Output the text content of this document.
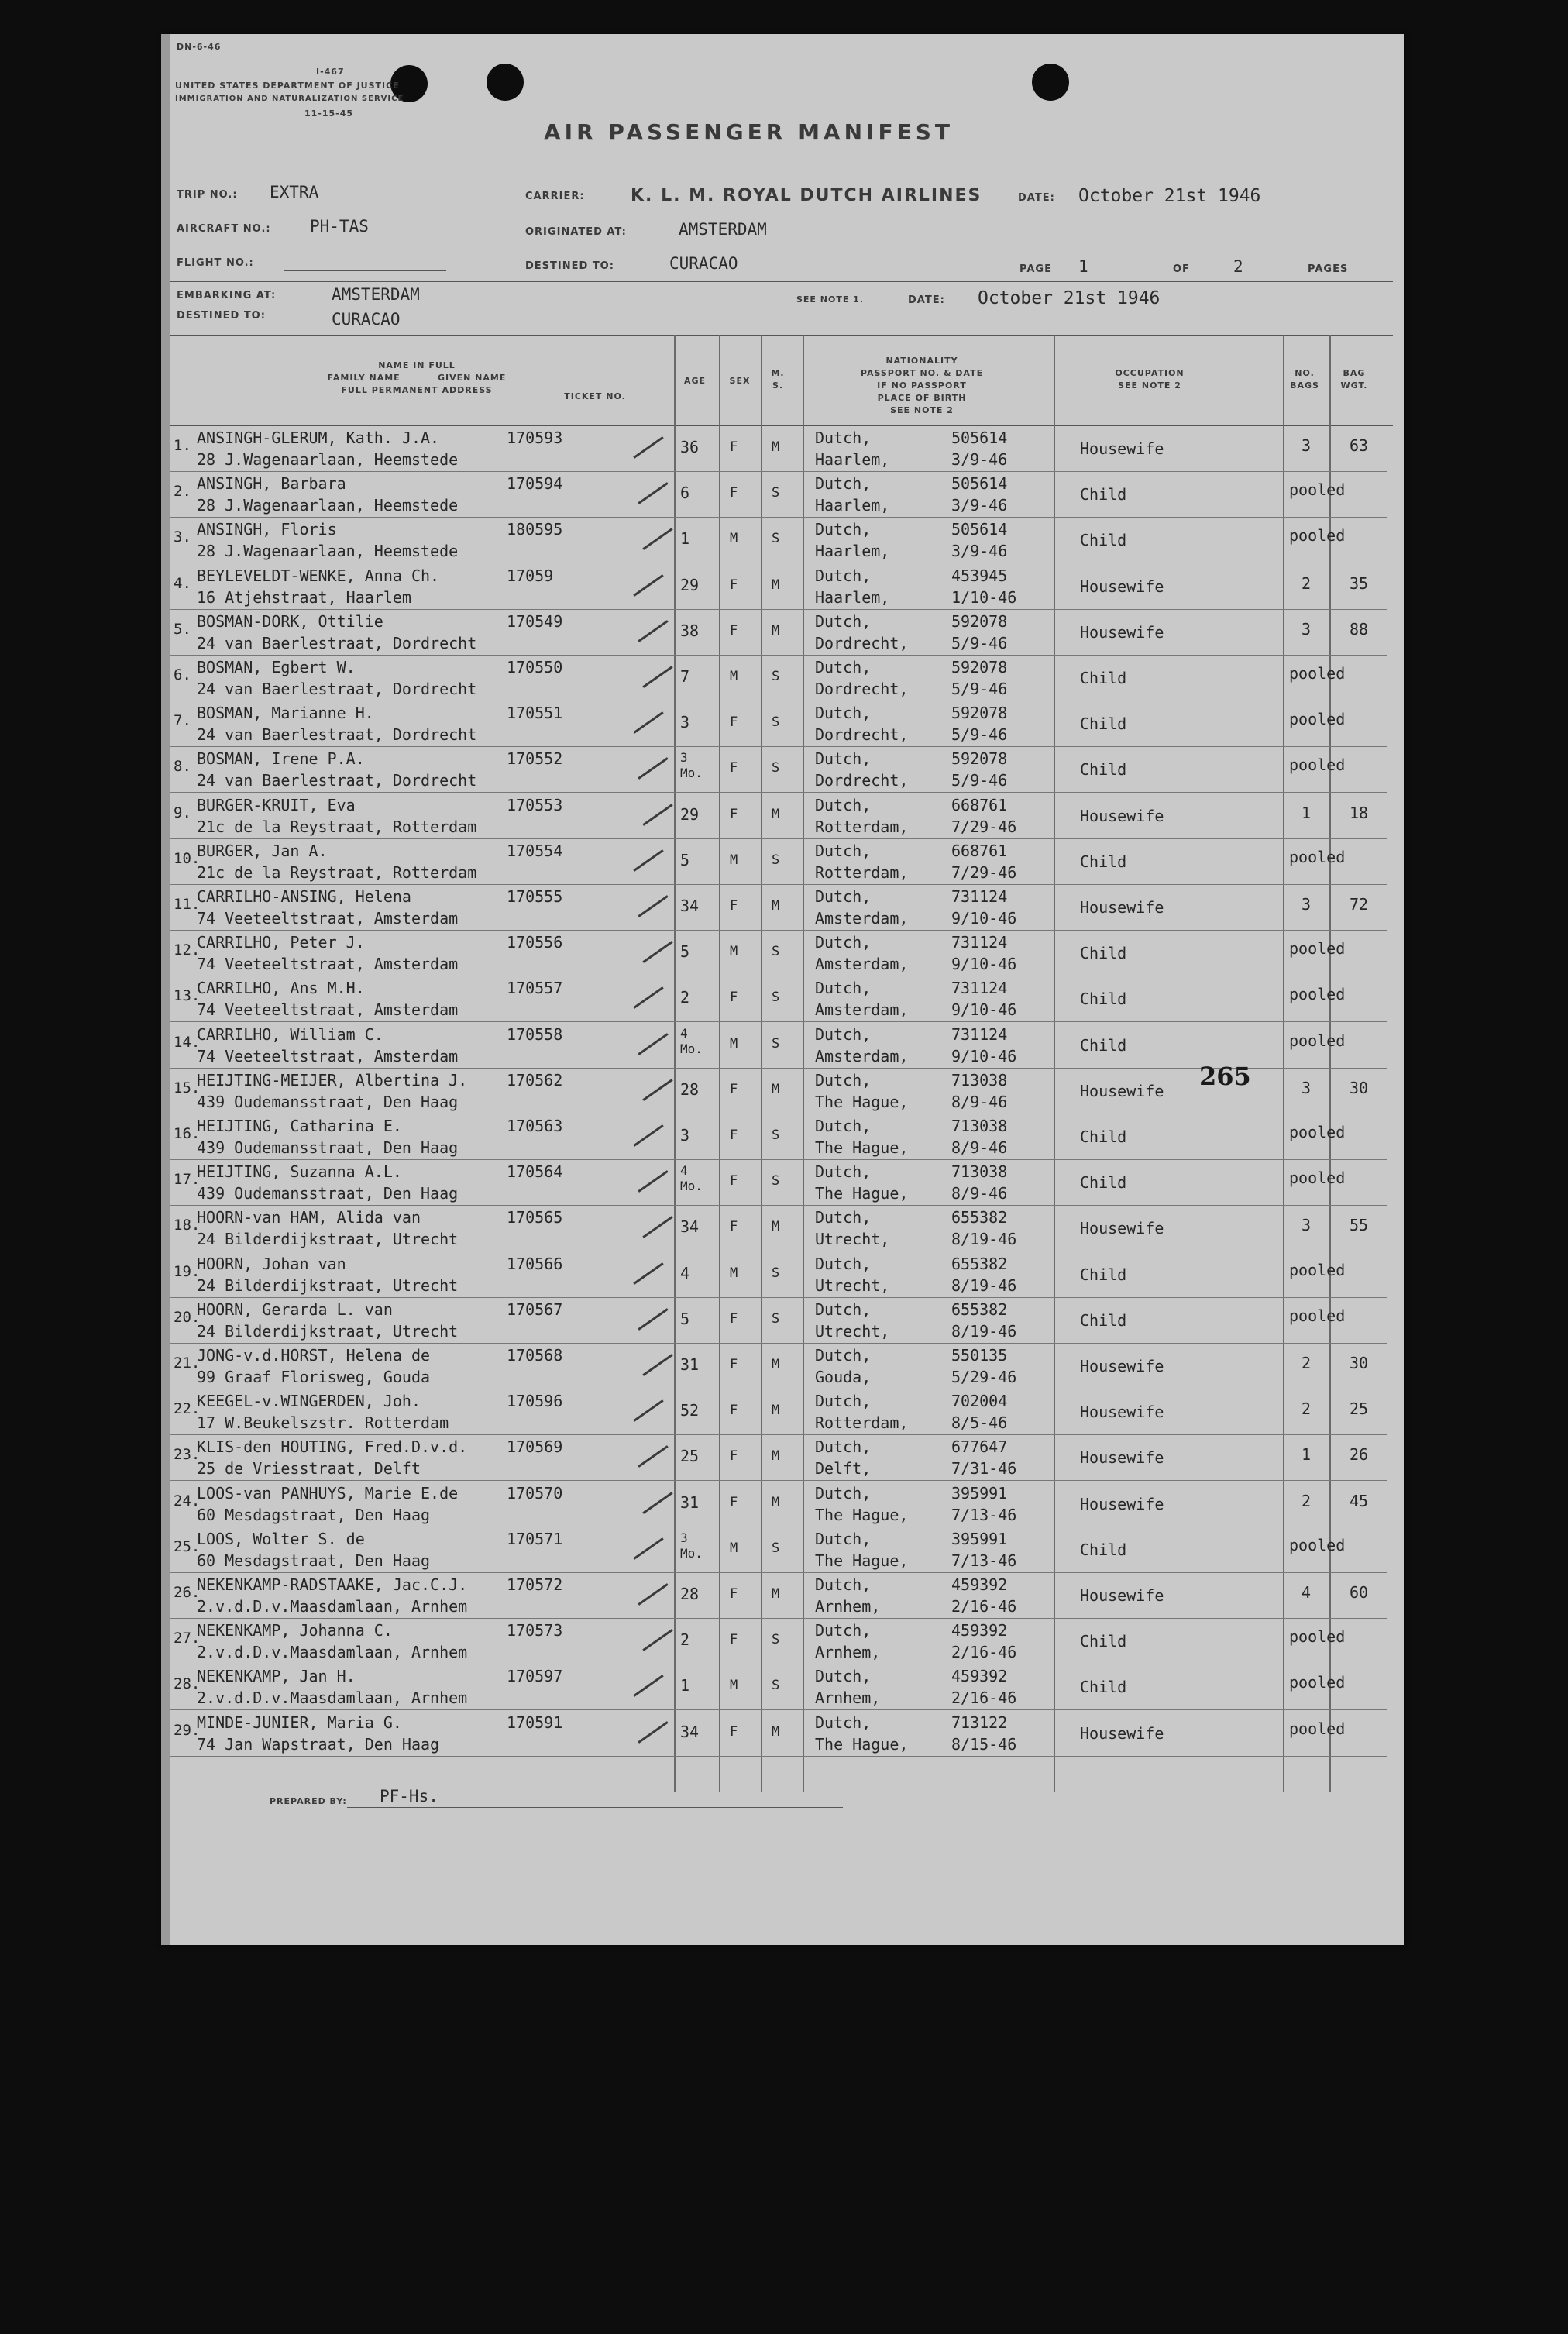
DN-6-46
I-467
UNITED STATES DEPARTMENT OF JUSTICE
IMMIGRATION AND NATURALIZATION SERVICE
11-15-45
AIR PASSENGER MANIFEST
TRIP NO.: EXTRA
AIRCRAFT NO.: PH-TAS
FLIGHT NO.:
CARRIER:	K. L. M. ROYAL DUTCH AIRLINES	DATE: October 21st 1946
ORIGINATED AT:	AMSTERDAM
DESTINED TO:	CURACAO	PAGE 1	OF	2	PAGES
EMBARKING AT:	AMSTERDAM
DESTINED TO:	CURACAO
SEE NOTE 1.	DATE: October 21st 1946
NAME IN FULL
FAMILY NAME          GIVEN NAME
FULL PERMANENT ADDRESS
TICKET NO.
AGE	SEX
M.
S.
NATIONALITY
PASSPORT NO. & DATE
IF NO PASSPORT
PLACE OF BIRTH
SEE NOTE 2
OCCUPATION
SEE NOTE 2
NO.
BAGS
BAG
WGT.
1. ANSINGH-GLERUM, Kath. J.A.	170593
28 J.Wagenaarlaan, Heemstede
36 F	M Dutch,	505614
Haarlem,	3/9-46
Housewife	3 63
2. ANSINGH, Barbara	170594
28 J.Wagenaarlaan, Heemstede
6	F	S Dutch,	505614
Haarlem,	3/9-46
Child	pooled
3. ANSINGH, Floris	180595
28 J.Wagenaarlaan, Heemstede
1	M	S Dutch,	505614
Haarlem,	3/9-46
Child	pooled
4. BEYLEVELDT-WENKE, Anna Ch.	17059
16 Atjehstraat, Haarlem
29 F	M Dutch,	453945
Haarlem,	1/10-46
Housewife	2 35
5. BOSMAN-DORK, Ottilie	170549
24 van Baerlestraat, Dordrecht
38 F	M Dutch,	592078
Dordrecht,	5/9-46
Housewife	3 88
6. BOSMAN, Egbert W.	170550
24 van Baerlestraat, Dordrecht
7	M	S Dutch,	592078
Dordrecht,	5/9-46
Child	pooled
7. BOSMAN, Marianne H.	170551
24 van Baerlestraat, Dordrecht
3	F	S Dutch,	592078
Dordrecht,	5/9-46
Child	pooled
8. BOSMAN, Irene P.A.	170552
24 van Baerlestraat, Dordrecht
3 Mo.	F	S Dutch,	592078
Dordrecht,	5/9-46
Child	pooled
9. BURGER-KRUIT, Eva	170553
21c de la Reystraat, Rotterdam
29 F	M Dutch,	668761
Rotterdam,	7/29-46
Housewife	1 18
10.
BURGER, Jan A.	170554
21c de la Reystraat, Rotterdam
5	M	S Dutch,	668761
Rotterdam,	7/29-46
Child	pooled
11.
CARRILHO-ANSING, Helena	170555
74 Veeteeltstraat, Amsterdam
34 F	M Dutch,	731124
Amsterdam,	9/10-46
Housewife	3 72
12.
CARRILHO, Peter J.	170556
74 Veeteeltstraat, Amsterdam
5	M	S Dutch,	731124
Amsterdam,	9/10-46
Child	pooled
13.
CARRILHO, Ans M.H.	170557
74 Veeteeltstraat, Amsterdam
2	F	S Dutch,	731124
Amsterdam,	9/10-46
Child	pooled
14.
CARRILHO, William C.	170558
74 Veeteeltstraat, Amsterdam
4 Mo.	M	S Dutch,	731124
Amsterdam,	9/10-46
Child	pooled
15.
HEIJTING-MEIJER, Albertina J.	170562
439 Oudemansstraat, Den Haag
28 F	M Dutch,	713038
The Hague,	8/9-46
Housewife	3 30
16.
HEIJTING, Catharina E.	170563
439 Oudemansstraat, Den Haag
3	F	S Dutch,	713038
The Hague,	8/9-46
Child	pooled
17.
HEIJTING, Suzanna A.L.	170564
439 Oudemansstraat, Den Haag
4 Mo.	F	S Dutch,	713038
The Hague,	8/9-46
Child	pooled
18.
HOORN-van HAM, Alida van	170565
24 Bilderdijkstraat, Utrecht
34 F	M Dutch,	655382
Utrecht,	8/19-46
Housewife	3 55
19.
HOORN, Johan van	170566
24 Bilderdijkstraat, Utrecht
4	M	S Dutch,	655382
Utrecht,	8/19-46
Child	pooled
20.
HOORN, Gerarda L. van	170567
24 Bilderdijkstraat, Utrecht
5	F	S Dutch,	655382
Utrecht,	8/19-46
Child	pooled
21.
JONG-v.d.HORST, Helena de	170568
99 Graaf Florisweg, Gouda
31 F	M Dutch,	550135
Gouda,	5/29-46
Housewife	2 30
22.
KEEGEL-v.WINGERDEN, Joh.	170596
17 W.Beukelszstr. Rotterdam
52 F	M Dutch,	702004
Rotterdam,	8/5-46
Housewife	2 25
23.
KLIS-den HOUTING, Fred.D.v.d.	170569
25 de Vriesstraat, Delft
25 F	M Dutch,	677647
Delft,	7/31-46
Housewife	1 26
24.
LOOS-van PANHUYS, Marie E.de	170570
60 Mesdagstraat, Den Haag
31 F	M Dutch,	395991
The Hague,	7/13-46
Housewife	2 45
25.
LOOS, Wolter S. de	170571
60 Mesdagstraat, Den Haag
3 Mo.	M	S Dutch,	395991
The Hague,	7/13-46
Child	pooled
26.
NEKENKAMP-RADSTAAKE, Jac.C.J.	170572
2.v.d.D.v.Maasdamlaan, Arnhem
28 F	M Dutch,	459392
Arnhem,	2/16-46
Housewife	4 60
27.
NEKENKAMP, Johanna C.	170573
2.v.d.D.v.Maasdamlaan, Arnhem
2	F	S Dutch,	459392
Arnhem,	2/16-46
Child	pooled
28.
NEKENKAMP, Jan H.	170597
2.v.d.D.v.Maasdamlaan, Arnhem
1	M	S Dutch,	459392
Arnhem,	2/16-46
Child	pooled
29.
MINDE-JUNIER, Maria G.	170591
74 Jan Wapstraat, Den Haag
34 F	M Dutch,	713122
The Hague,	8/15-46
Housewife	pooled
265
PREPARED BY: PF-Hs.
